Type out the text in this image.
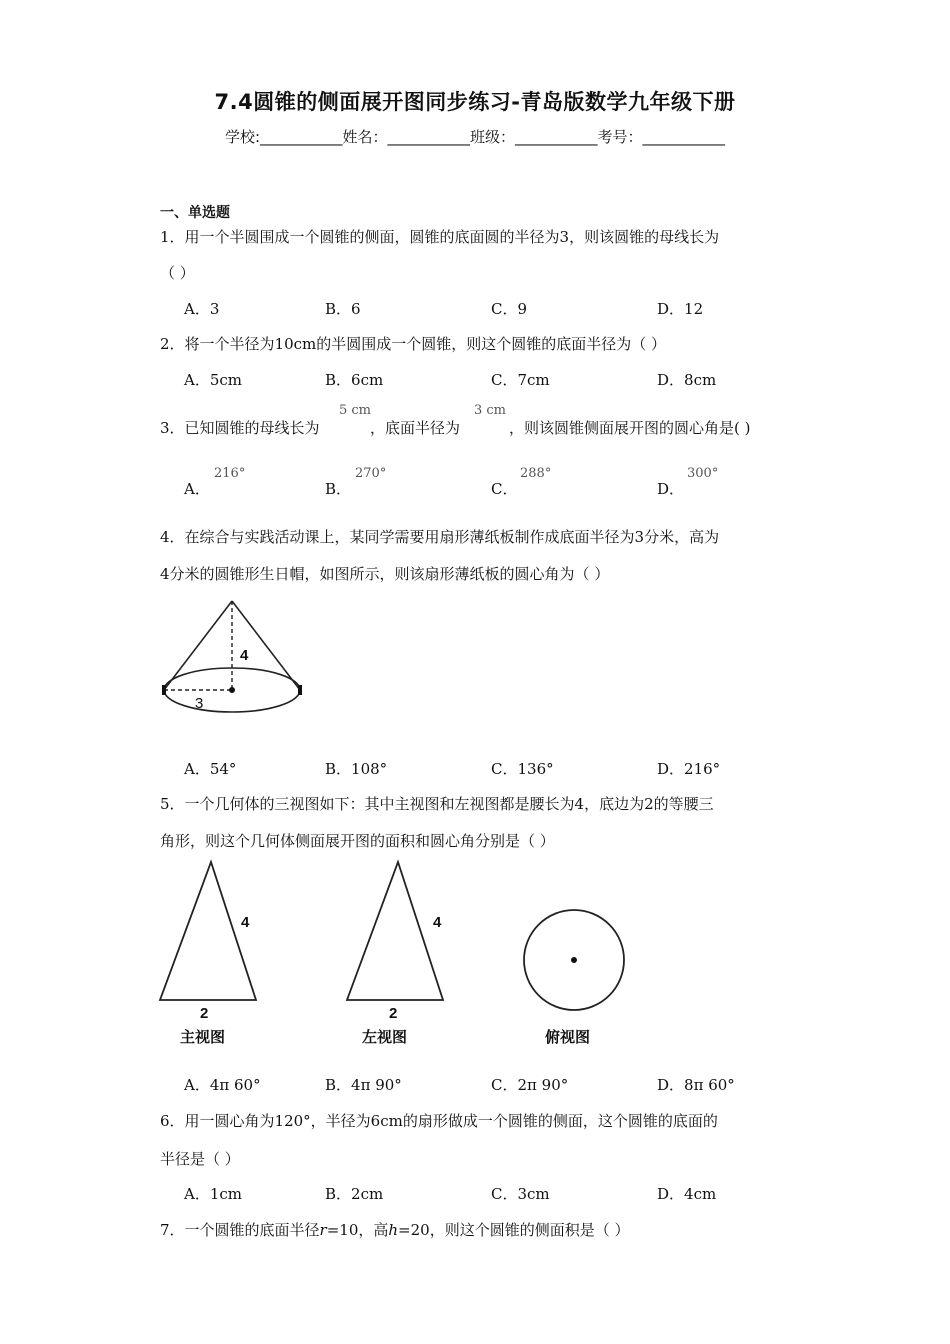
7.4圆锥的侧面展开图同步练习-青岛版数学九年级下册
学校:___________姓名：___________班级：___________考号：___________
一、单选题
1．用一个半圆围成一个圆锥的侧面，圆锥的底面圆的半径为3，则该圆锥的母线长为
（ ）
A．3	B．6	C．9	D．12
2．将一个半径为10cm的半圆围成一个圆锥，则这个圆锥的底面半径为（ ）
A．5cm	B．6cm	C．7cm	D．8cm
3．已知圆锥的母线长为
5 cm
，底面半径为
3 cm
，则该圆锥侧面展开图的圆心角是( )
A．
216°
B．
270°
C．
288°
D．
300°
4．在综合与实践活动课上，某同学需要用扇形薄纸板制作成底面半径为3分米，高为
4分米的圆锥形生日帽，如图所示，则该扇形薄纸板的圆心角为（ ）
4
3
A．54°	B．108°	C．136°	D．216°
5．一个几何体的三视图如下：其中主视图和左视图都是腰长为4，底边为2的等腰三
角形，则这个几何体侧面展开图的面积和圆心角分别是（ ）
4
2
主视图
4
2
左视图	俯视图
A．4π 60°	B．4π 90°	C．2π 90°	D．8π 60°
6．用一圆心角为120°，半径为6cm的扇形做成一个圆锥的侧面，这个圆锥的底面的
半径是（ ）
A．1cm	B．2cm	C．3cm	D．4cm
7．一个圆锥的底面半径r=10，高h=20，则这个圆锥的侧面积是（ ）
